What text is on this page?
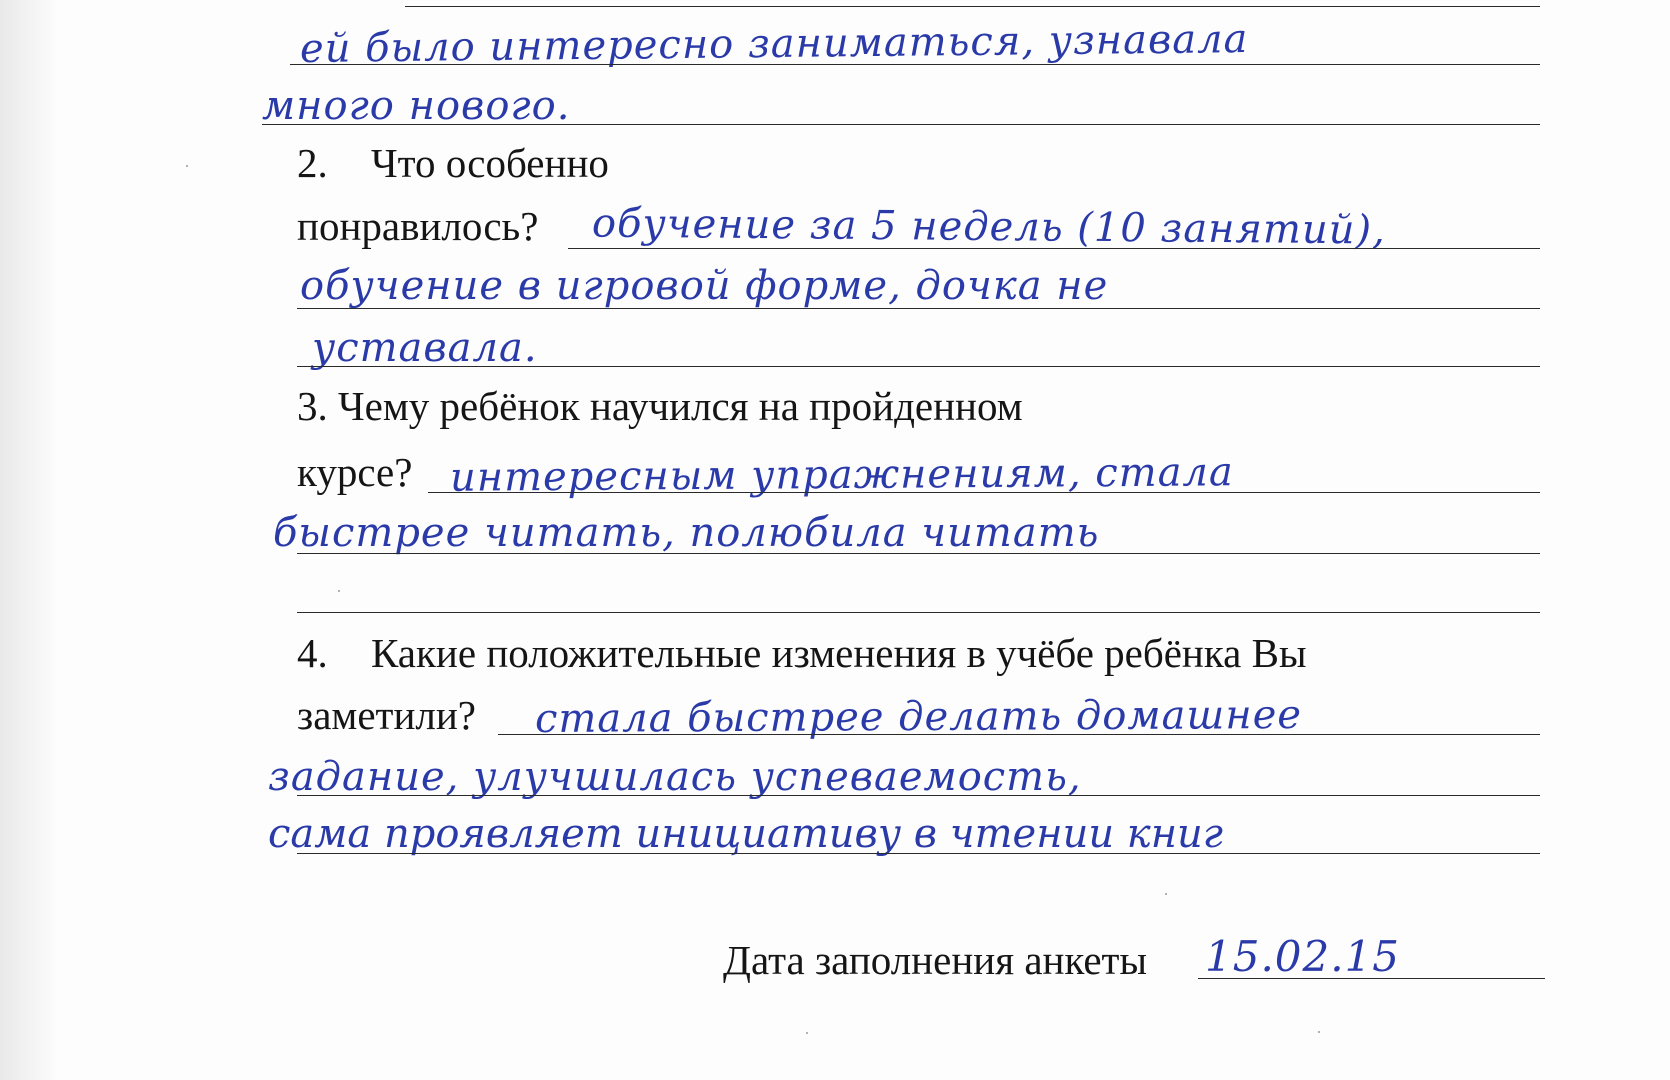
ей было интересно заниматься, узнавала
много нового.
2. Что особенно
понравилось? обучение за 5 недель (10 занятий),
обучение в игровой форме, дочка не
уставала.
3. Чему ребёнок научился на пройденном
курсе? интересным упражнениям, стала
быстрее читать, полюбила читать
4. Какие положительные изменения в учёбе ребёнка Вы
заметили? стала быстрее делать домашнее
задание, улучшилась успеваемость,
сама проявляет инициативу в чтении книг
Дата заполнения анкеты 15.02.15
